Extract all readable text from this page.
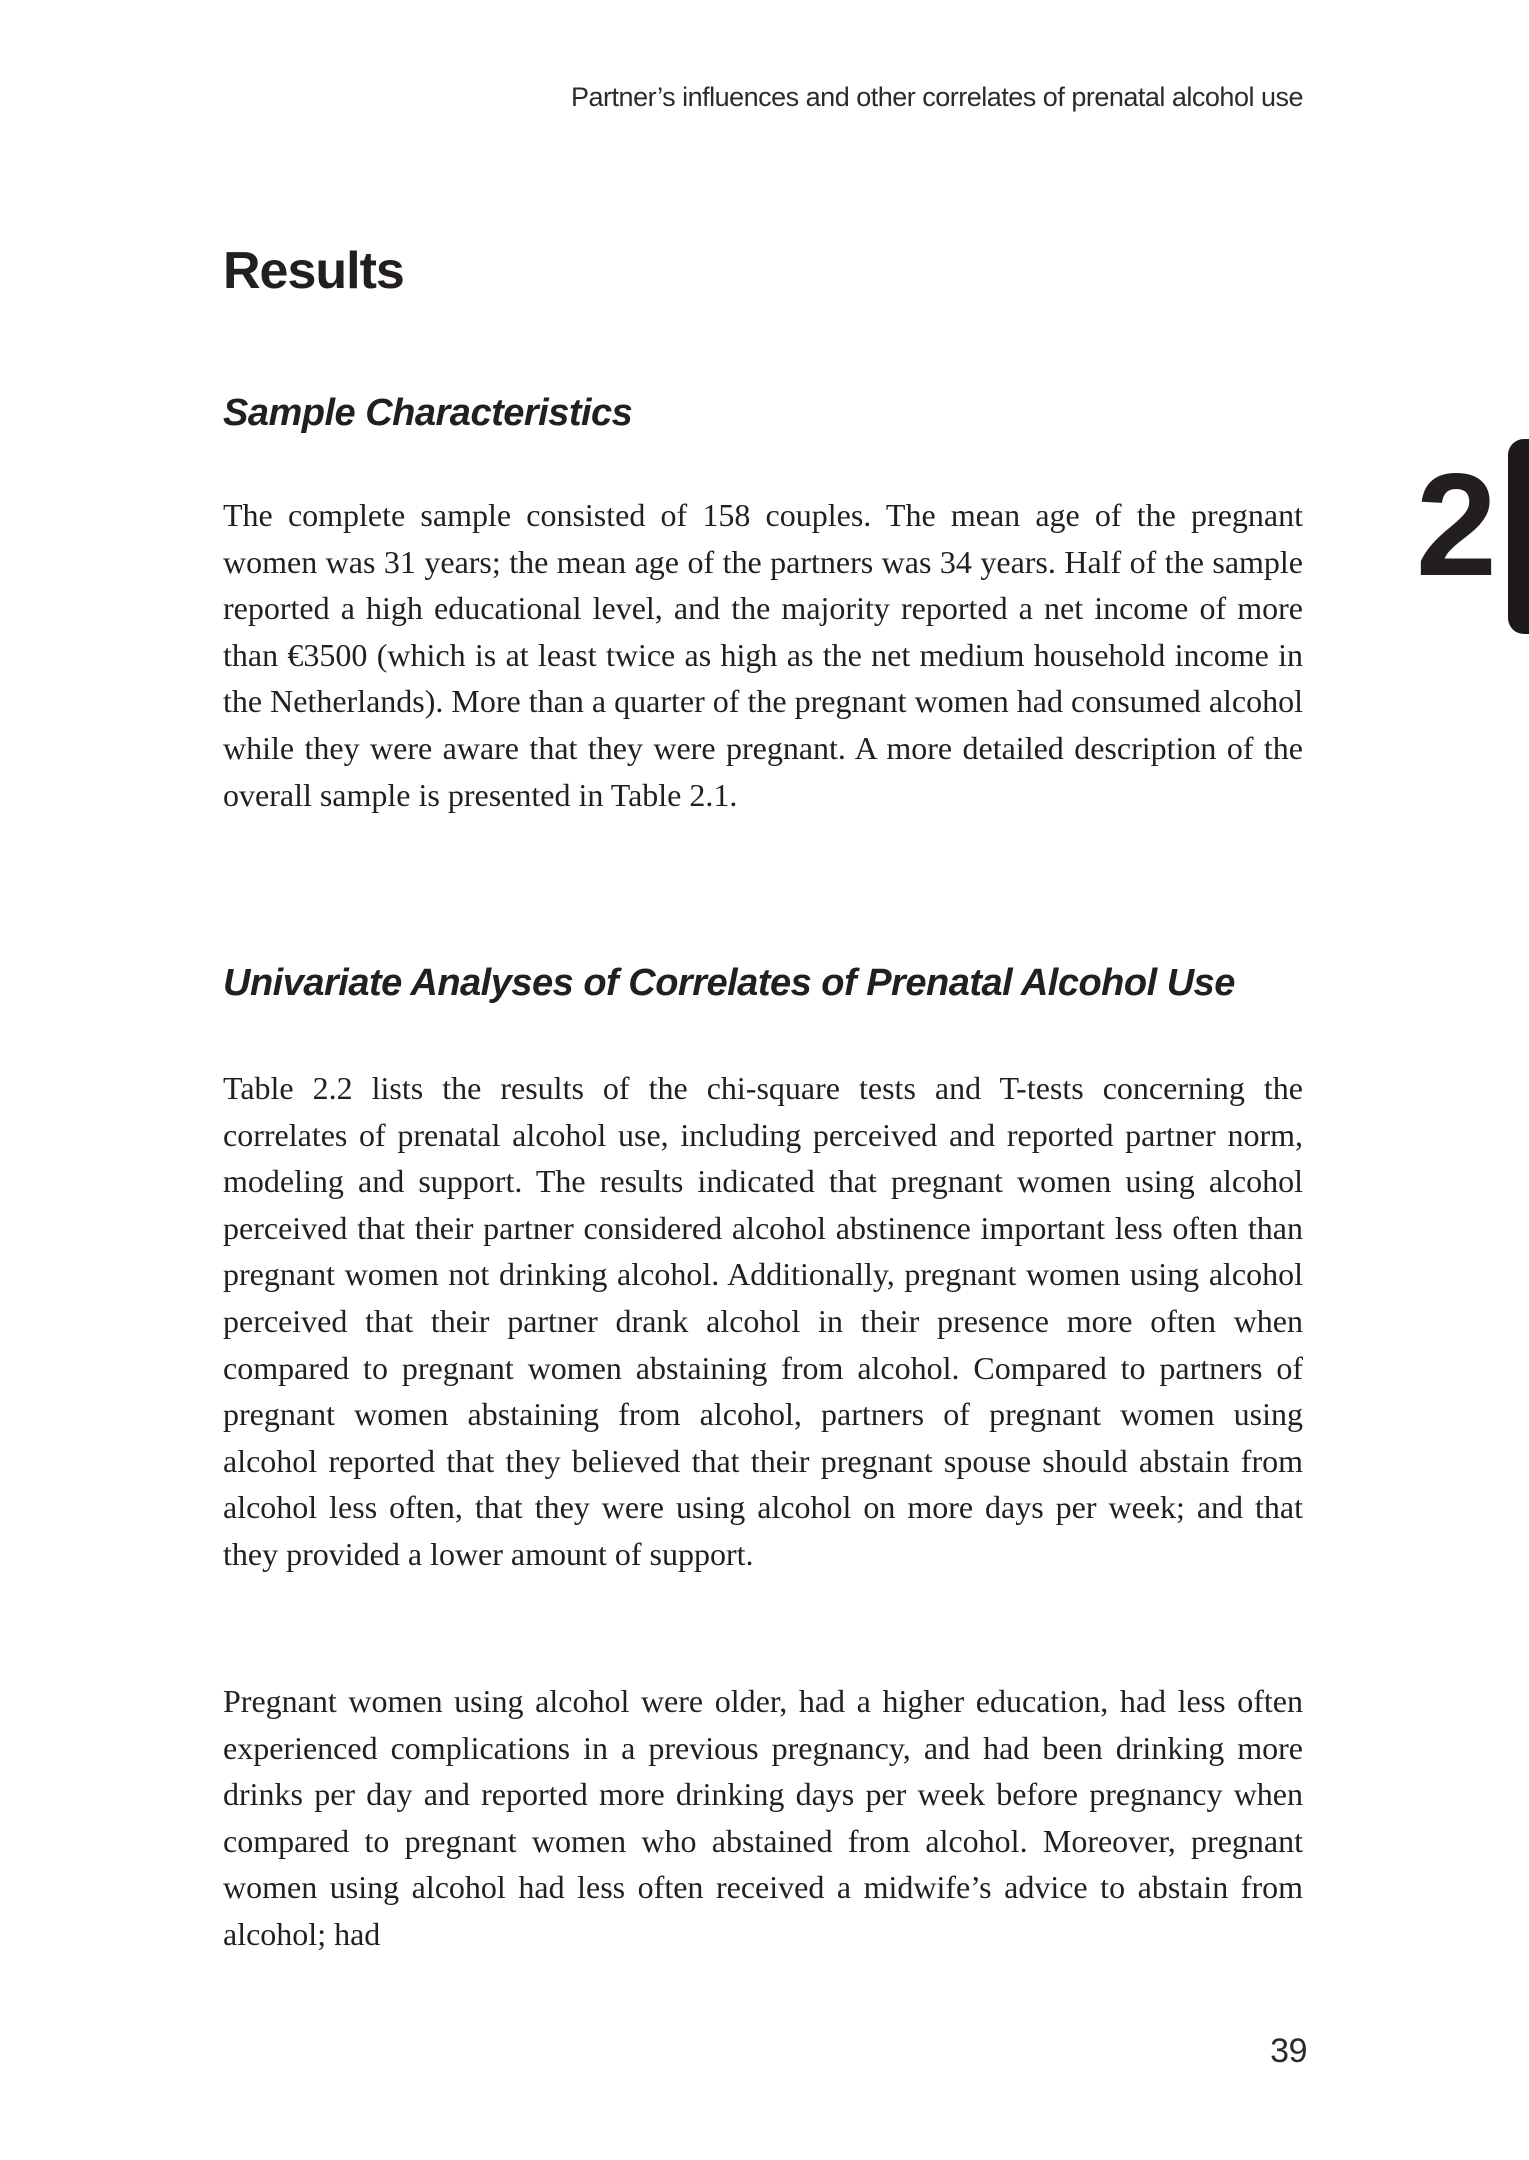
Partner’s influences and other correlates of prenatal alcohol use
Results
Sample Characteristics

The complete sample consisted of 158 couples. The mean age of the pregnant women was 31 years; the mean age of the partners was 34 years. Half of the sample reported a high educational level, and the majority reported a net income of more than €3500 (which is at least twice as high as the net medium household income in the Netherlands). More than a quarter of the pregnant women had consumed alcohol while they were aware that they were pregnant. A more detailed description of the overall sample is presented in Table 2.1.

Univariate Analyses of Correlates of Prenatal Alcohol Use

Table 2.2 lists the results of the chi-square tests and T-tests concerning the correlates of prenatal alcohol use, including perceived and reported partner norm, modeling and support. The results indicated that pregnant women using alcohol perceived that their partner considered alcohol abstinence important less often than pregnant women not drinking alcohol. Additionally, pregnant women using alcohol perceived that their partner drank alcohol in their presence more often when compared to pregnant women abstaining from alcohol. Compared to partners of pregnant women abstaining from alcohol, partners of pregnant women using alcohol reported that they believed that their pregnant spouse should abstain from alcohol less often, that they were using alcohol on more days per week; and that they provided a lower amount of support.

Pregnant women using alcohol were older, had a higher education, had less often experienced complications in a previous pregnancy, and had been drinking more drinks per day and reported more drinking days per week before pregnancy when compared to pregnant women who abstained from alcohol. Moreover, pregnant women using alcohol had less often received a midwife’s advice to abstain from alcohol; had

2
39
